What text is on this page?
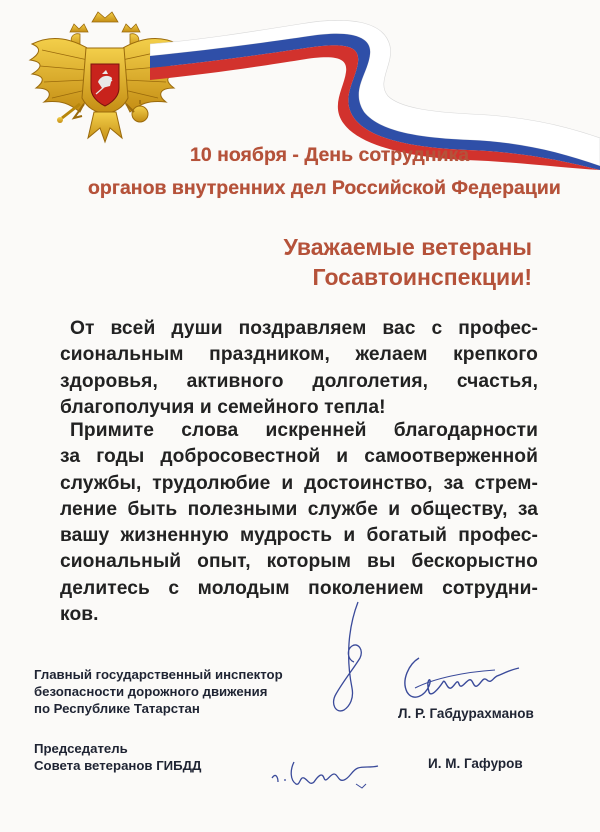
10 ноября - День сотрудника
органов внутренних дел Российской Федерации
Уважаемые ветераны
Госавтоинспекции!
От всей души поздравляем вас с профес-
сиональным праздником, желаем крепкого
здоровья, активного долголетия, счастья,
благополучия и семейного тепла!
Примите слова искренней благодарности
за годы добросовестной и самоотверженной
службы, трудолюбие и достоинство, за стрем-
ление быть полезными службе и обществу, за
вашу жизненную мудрость и богатый профес-
сиональный опыт, которым вы бескорыстно
делитесь с молодым поколением сотрудни-
ков.
Главный государственный инспектор
безопасности дорожного движения
по Республике Татарстан	Л. Р. Габдурахманов
Председатель
Совета ветеранов ГИБДД	И. М. Гафуров
